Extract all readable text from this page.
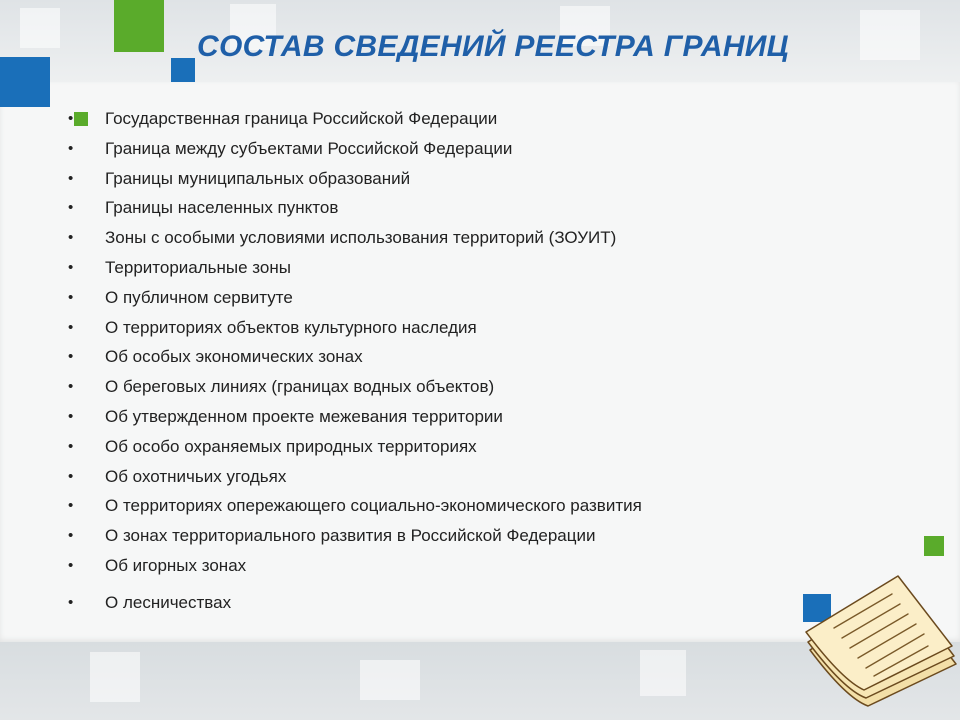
СОСТАВ СВЕДЕНИЙ РЕЕСТРА ГРАНИЦ
• Государственная граница Российской Федерации
• Граница между субъектами Российской Федерации
• Границы муниципальных образований
• Границы населенных пунктов
• Зоны с особыми условиями использования территорий (ЗОУИТ)
• Территориальные зоны
• О публичном сервитуте
• О территориях объектов культурного наследия
• Об особых экономических зонах
• О береговых линиях (границах водных объектов)
• Об утвержденном проекте межевания территории
• Об особо охраняемых природных территориях
• Об охотничьих угодьях
• О территориях опережающего социально-экономического развития
• О зонах территориального развития в Российской Федерации
• Об игорных зонах
• О лесничествах
